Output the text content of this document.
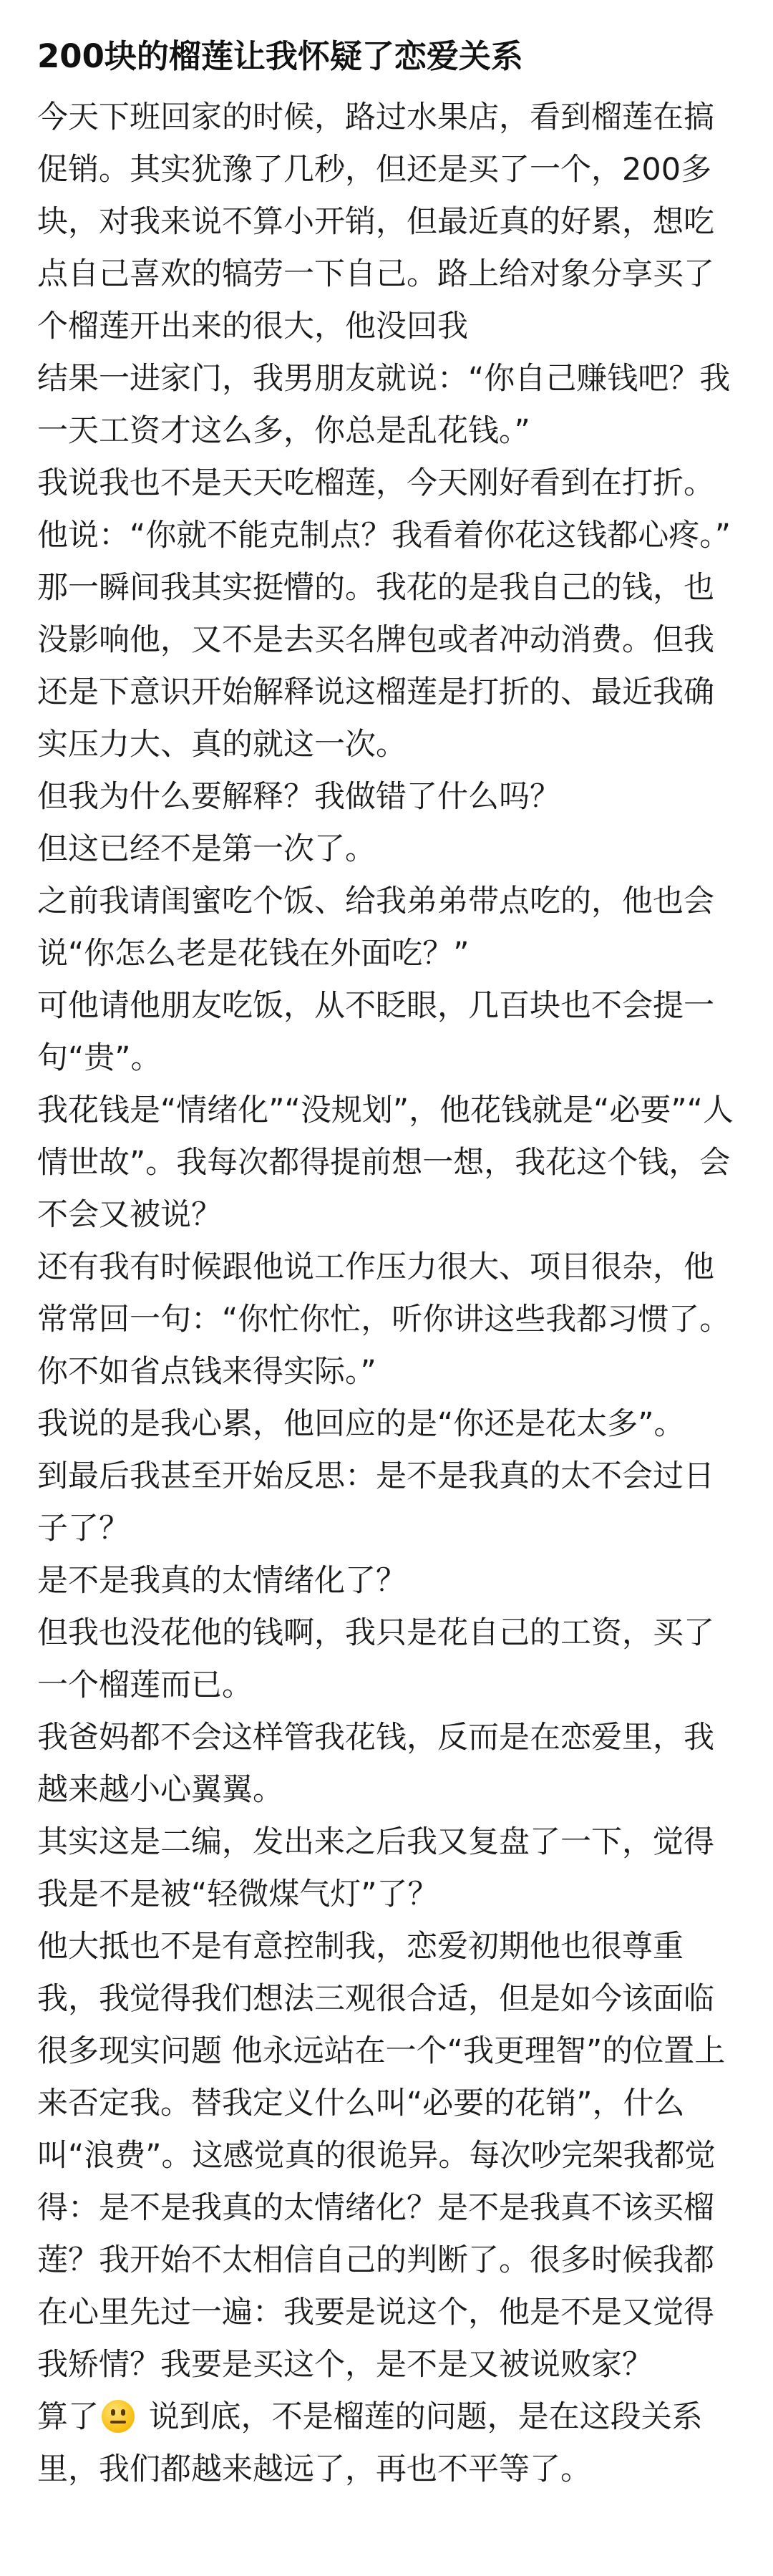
200块的榴莲让我怀疑了恋爱关系

今天下班回家的时候，路过水果店，看到榴莲在搞促销。其实犹豫了几秒，但还是买了一个，200多块，对我来说不算小开销，但最近真的好累，想吃点自己喜欢的犒劳一下自己。路上给对象分享买了个榴莲开出来的很大，他没回我

结果一进家门，我男朋友就说：“你自己赚钱吧？我一天工资才这么多，你总是乱花钱。”

我说我也不是天天吃榴莲，今天刚好看到在打折。

他说：“你就不能克制点？我看着你花这钱都心疼。”

那一瞬间我其实挺懵的。我花的是我自己的钱，也没影响他，又不是去买名牌包或者冲动消费。但我还是下意识开始解释说这榴莲是打折的、最近我确实压力大、真的就这一次。

但我为什么要解释？我做错了什么吗？

但这已经不是第一次了。

之前我请闺蜜吃个饭、给我弟弟带点吃的，他也会说“你怎么老是花钱在外面吃？”

可他请他朋友吃饭，从不眨眼，几百块也不会提一句“贵”。

我花钱是“情绪化”“没规划”，他花钱就是“必要”“人情世故”。我每次都得提前想一想，我花这个钱，会不会又被说？

还有我有时候跟他说工作压力很大、项目很杂，他常常回一句：“你忙你忙，听你讲这些我都习惯了。你不如省点钱来得实际。”

我说的是我心累，他回应的是“你还是花太多”。

到最后我甚至开始反思：是不是我真的太不会过日子了？

是不是我真的太情绪化了？

但我也没花他的钱啊，我只是花自己的工资，买了一个榴莲而已。

我爸妈都不会这样管我花钱，反而是在恋爱里，我越来越小心翼翼。

其实这是二编，发出来之后我又复盘了一下，觉得我是不是被“轻微煤气灯”了？

他大抵也不是有意控制我，恋爱初期他也很尊重我，我觉得我们想法三观很合适，但是如今该面临很多现实问题 他永远站在一个“我更理智”的位置上来否定我。替我定义什么叫“必要的花销”，什么叫“浪费”。这感觉真的很诡异。每次吵完架我都觉得：是不是我真的太情绪化？是不是我真不该买榴莲？我开始不太相信自己的判断了。很多时候我都在心里先过一遍：我要是说这个，他是不是又觉得我矫情？我要是买这个，是不是又被说败家？

算了
说到底，不是榴莲的问题，是在这段关系里，我们都越来越远了，再也不平等了。
